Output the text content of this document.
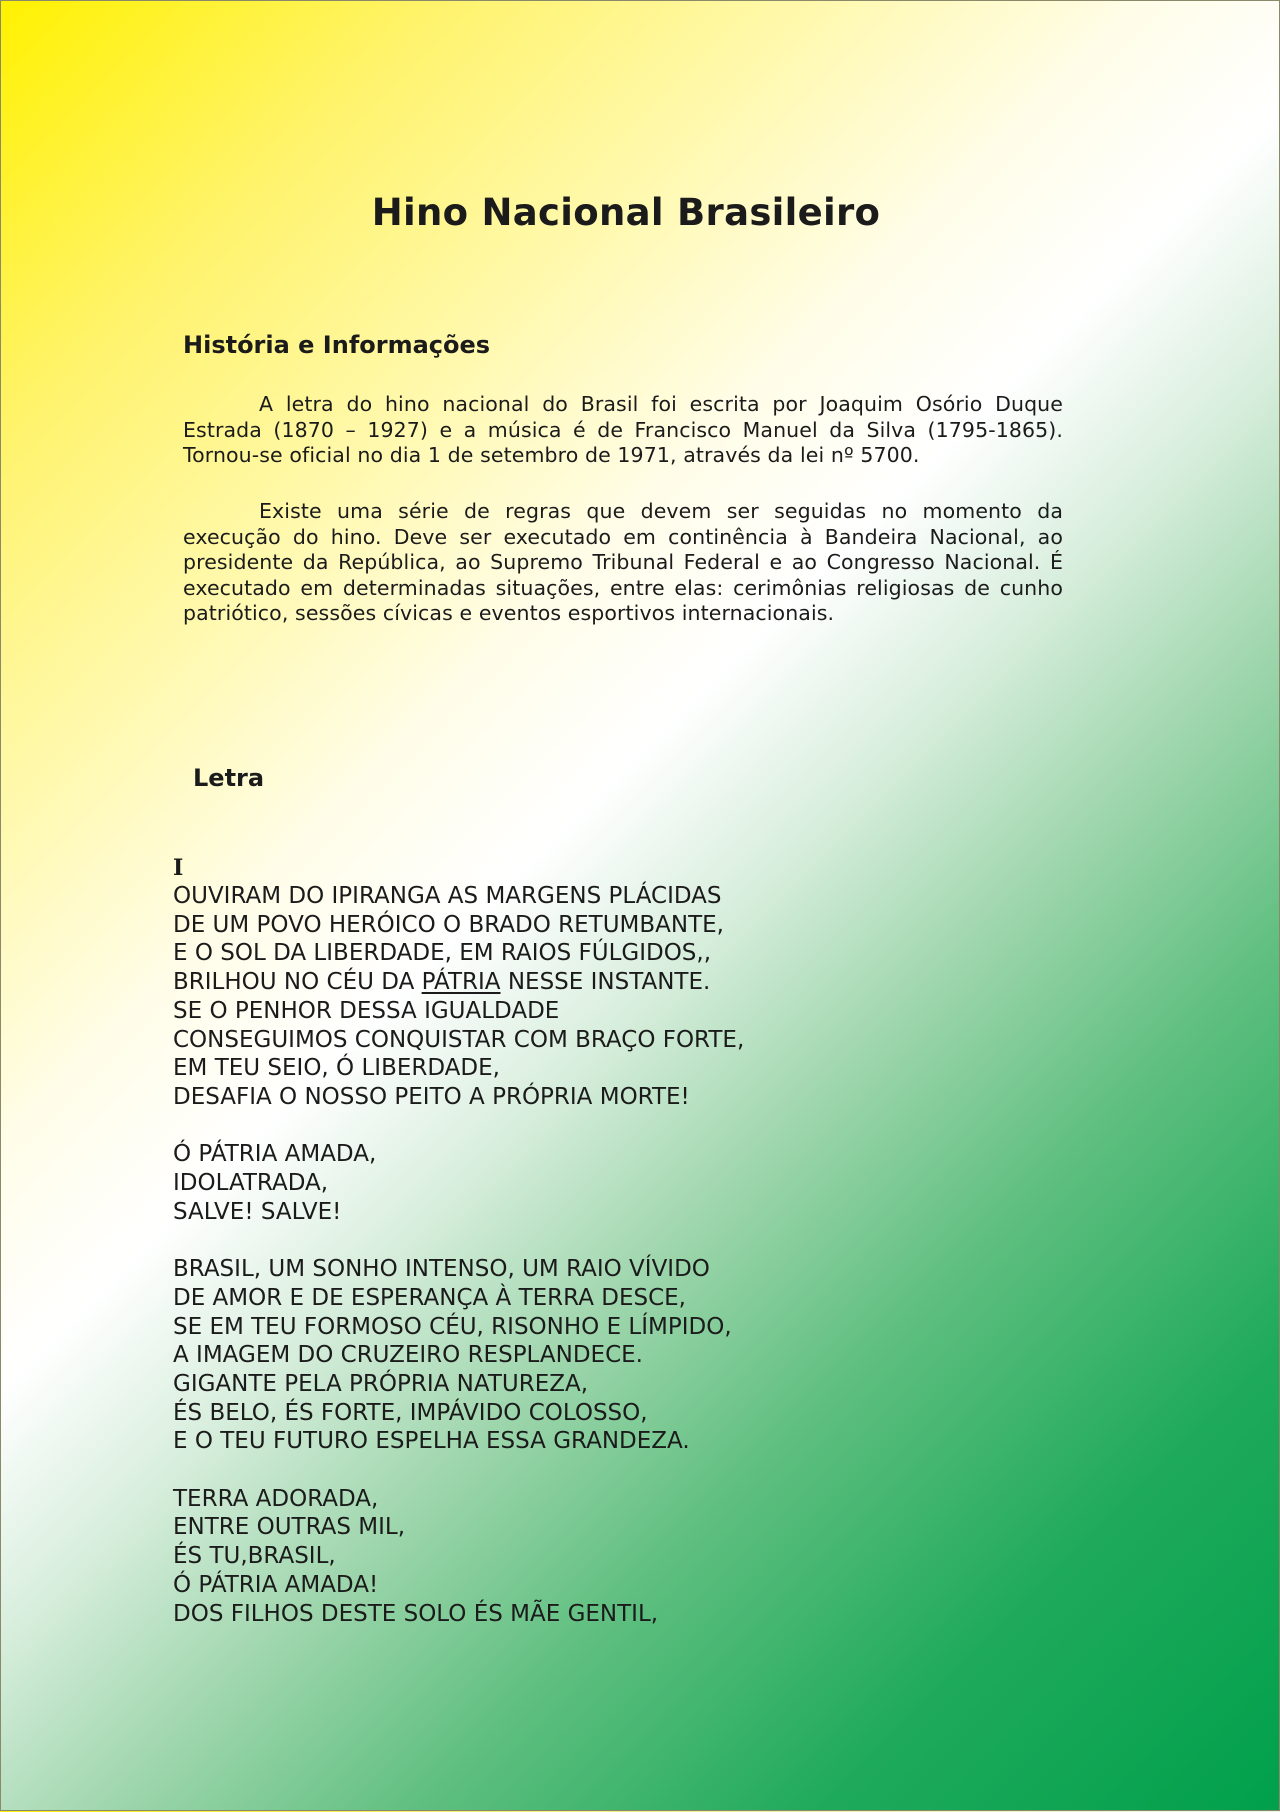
Hino Nacional Brasileiro
História e Informações

A letra do hino nacional do Brasil foi escrita por Joaquim Osório Duque Estrada (1870 – 1927) e a música é de Francisco Manuel da Silva (1795-1865). Tornou-se oficial no dia 1 de setembro de 1971, através da lei nº 5700.

Existe uma série de regras que devem ser seguidas no momento da execução do hino. Deve ser executado em continência à Bandeira Nacional, ao presidente da República, ao Supremo Tribunal Federal e ao Congresso Nacional. É executado em determinadas situações, entre elas: cerimônias religiosas de cunho patriótico, sessões cívicas e eventos esportivos internacionais.

Letra

I

OUVIRAM DO IPIRANGA AS MARGENS PLÁCIDAS
DE UM POVO HERÓICO O BRADO RETUMBANTE,
E O SOL DA LIBERDADE, EM RAIOS FÚLGIDOS,,
BRILHOU NO CÉU DA PÁTRIA NESSE INSTANTE.
SE O PENHOR DESSA IGUALDADE
CONSEGUIMOS CONQUISTAR COM BRAÇO FORTE,
EM TEU SEIO, Ó LIBERDADE,
DESAFIA O NOSSO PEITO A PRÓPRIA MORTE!
Ó PÁTRIA AMADA,
IDOLATRADA,
SALVE! SALVE!
BRASIL, UM SONHO INTENSO, UM RAIO VÍVIDO
DE AMOR E DE ESPERANÇA À TERRA DESCE,
SE EM TEU FORMOSO CÉU, RISONHO E LÍMPIDO,
A IMAGEM DO CRUZEIRO RESPLANDECE.
GIGANTE PELA PRÓPRIA NATUREZA,
ÉS BELO, ÉS FORTE, IMPÁVIDO COLOSSO,
E O TEU FUTURO ESPELHA ESSA GRANDEZA.
TERRA ADORADA,
ENTRE OUTRAS MIL,
ÉS TU,BRASIL,
Ó PÁTRIA AMADA!
DOS FILHOS DESTE SOLO ÉS MÃE GENTIL,
